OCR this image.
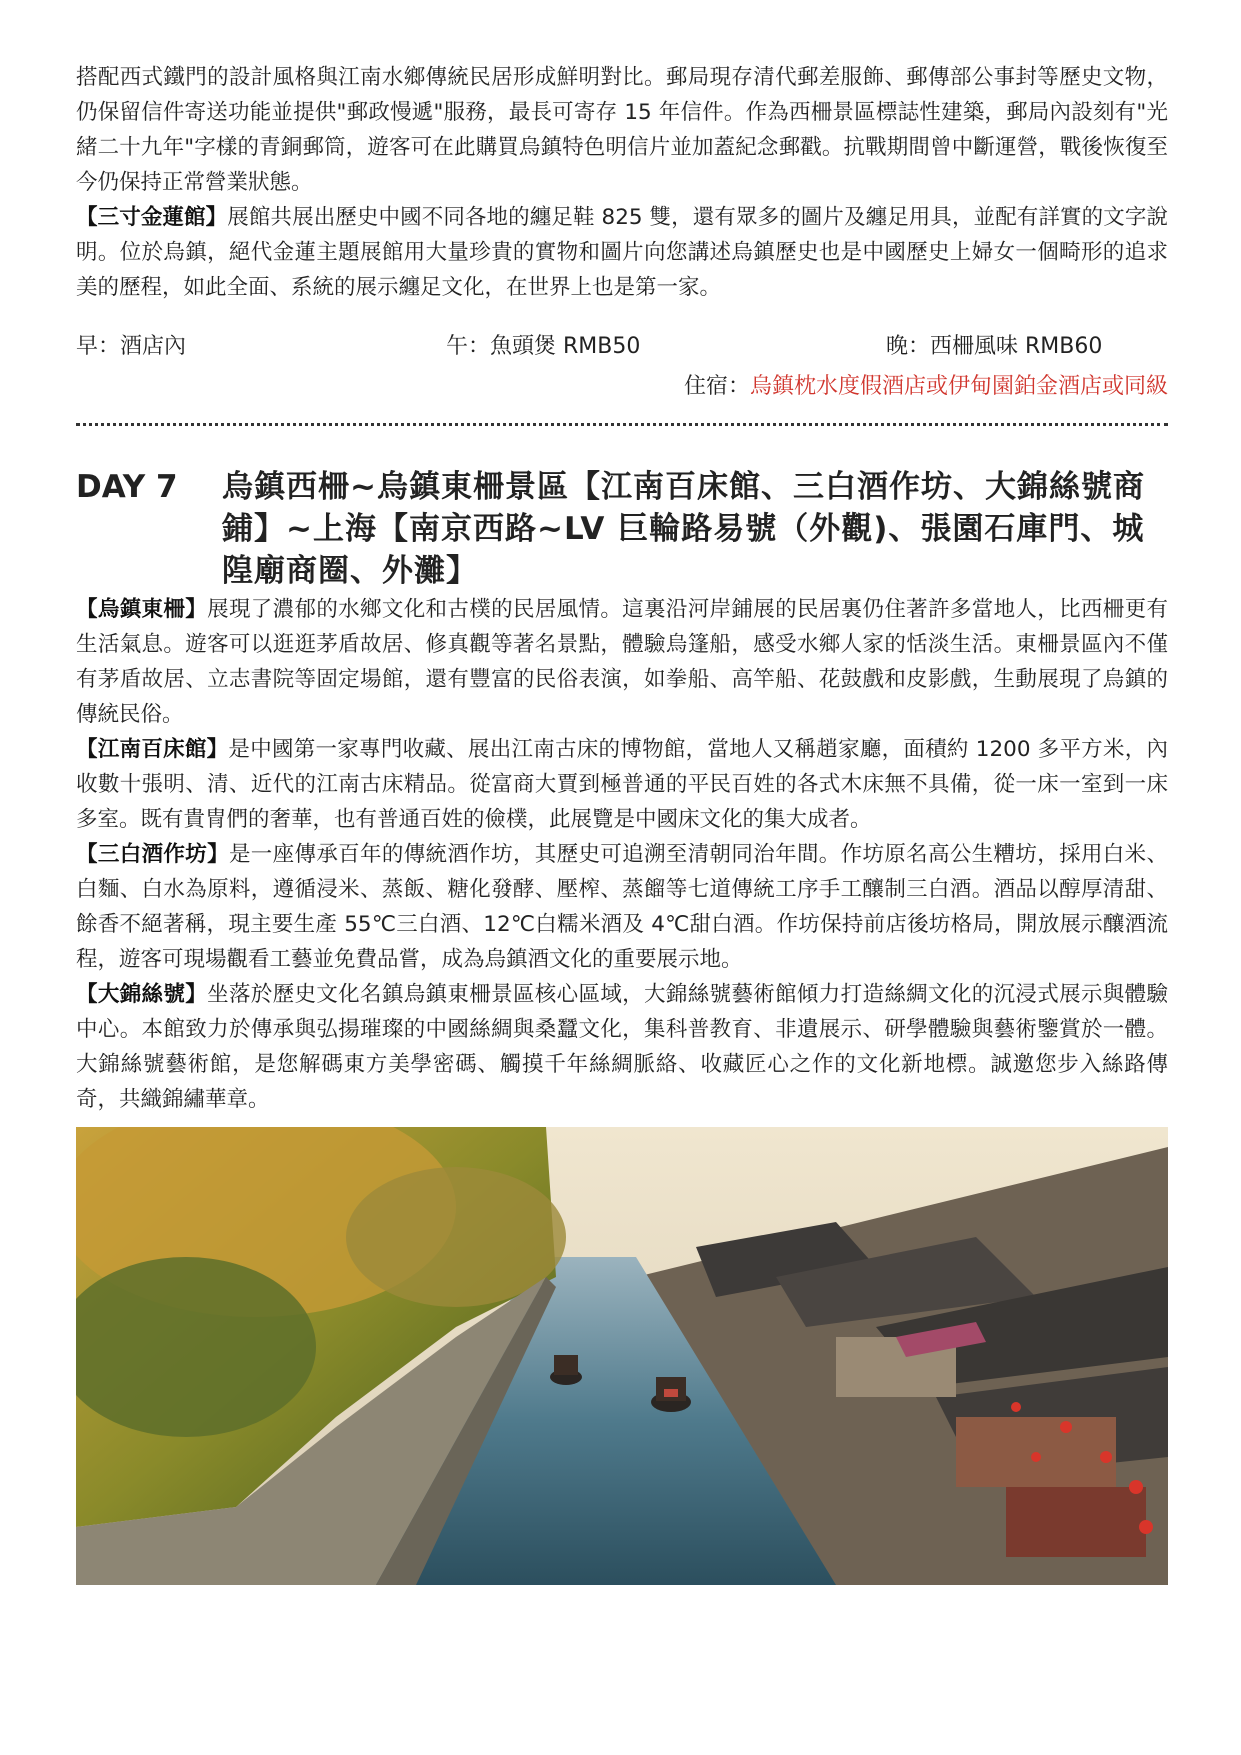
搭配西式鐵門的設計風格與江南水鄉傳統民居形成鮮明對比。郵局現存清代郵差服飾、郵傳部公事封等歷史文物，仍保留信件寄送功能並提供"郵政慢遞"服務，最長可寄存 15 年信件。作為西柵景區標誌性建築，郵局內設刻有"光緒二十九年"字樣的青銅郵筒，遊客可在此購買烏鎮特色明信片並加蓋紀念郵戳。抗戰期間曾中斷運營，戰後恢復至今仍保持正常營業狀態。

【三寸金蓮館】展館共展出歷史中國不同各地的纏足鞋 825 雙，還有眾多的圖片及纏足用具，並配有詳實的文字說明。位於烏鎮，絕代金蓮主題展館用大量珍貴的實物和圖片向您講述烏鎮歷史也是中國歷史上婦女一個畸形的追求美的歷程，如此全面、系統的展示纏足文化，在世界上也是第一家。

早：酒店內	午：魚頭煲 RMB50	晚：西柵風味 RMB60
住宿：烏鎮枕水度假酒店或伊甸園鉑金酒店或同級
DAY 7	烏鎮西柵~烏鎮東柵景區【江南百床館、三白酒作坊、大錦絲號商鋪】~上海【南京西路~LV 巨輪路易號（外觀)、張園石庫門、城隍廟商圈、外灘】

【烏鎮東柵】展現了濃郁的水鄉文化和古樸的民居風情。這裏沿河岸鋪展的民居裏仍住著許多當地人，比西柵更有生活氣息。遊客可以逛逛茅盾故居、修真觀等著名景點，體驗烏篷船，感受水鄉人家的恬淡生活。東柵景區內不僅有茅盾故居、立志書院等固定場館，還有豐富的民俗表演，如拳船、高竿船、花鼓戲和皮影戲，生動展現了烏鎮的傳統民俗。

【江南百床館】是中國第一家專門收藏、展出江南古床的博物館，當地人又稱趙家廳，面積約 1200 多平方米，內收數十張明、清、近代的江南古床精品。從富商大賈到極普通的平民百姓的各式木床無不具備，從一床一室到一床多室。既有貴冑們的奢華，也有普通百姓的儉樸，此展覽是中國床文化的集大成者。

【三白酒作坊】是一座傳承百年的傳統酒作坊，其歷史可追溯至清朝同治年間。作坊原名高公生糟坊，採用白米、白麵、白水為原料，遵循浸米、蒸飯、糖化發酵、壓榨、蒸餾等七道傳統工序手工釀制三白酒。酒品以醇厚清甜、餘香不絕著稱，現主要生產 55℃三白酒、12℃白糯米酒及 4℃甜白酒。作坊保持前店後坊格局，開放展示釀酒流程，遊客可現場觀看工藝並免費品嘗，成為烏鎮酒文化的重要展示地。

【大錦絲號】坐落於歷史文化名鎮烏鎮東柵景區核心區域，大錦絲號藝術館傾力打造絲綢文化的沉浸式展示與體驗中心。本館致力於傳承與弘揚璀璨的中國絲綢與桑蠶文化，集科普教育、非遺展示、研學體驗與藝術鑒賞於一體。大錦絲號藝術館，是您解碼東方美學密碼、觸摸千年絲綢脈絡、收藏匠心之作的文化新地標。誠邀您步入絲路傳奇，共織錦繡華章。
